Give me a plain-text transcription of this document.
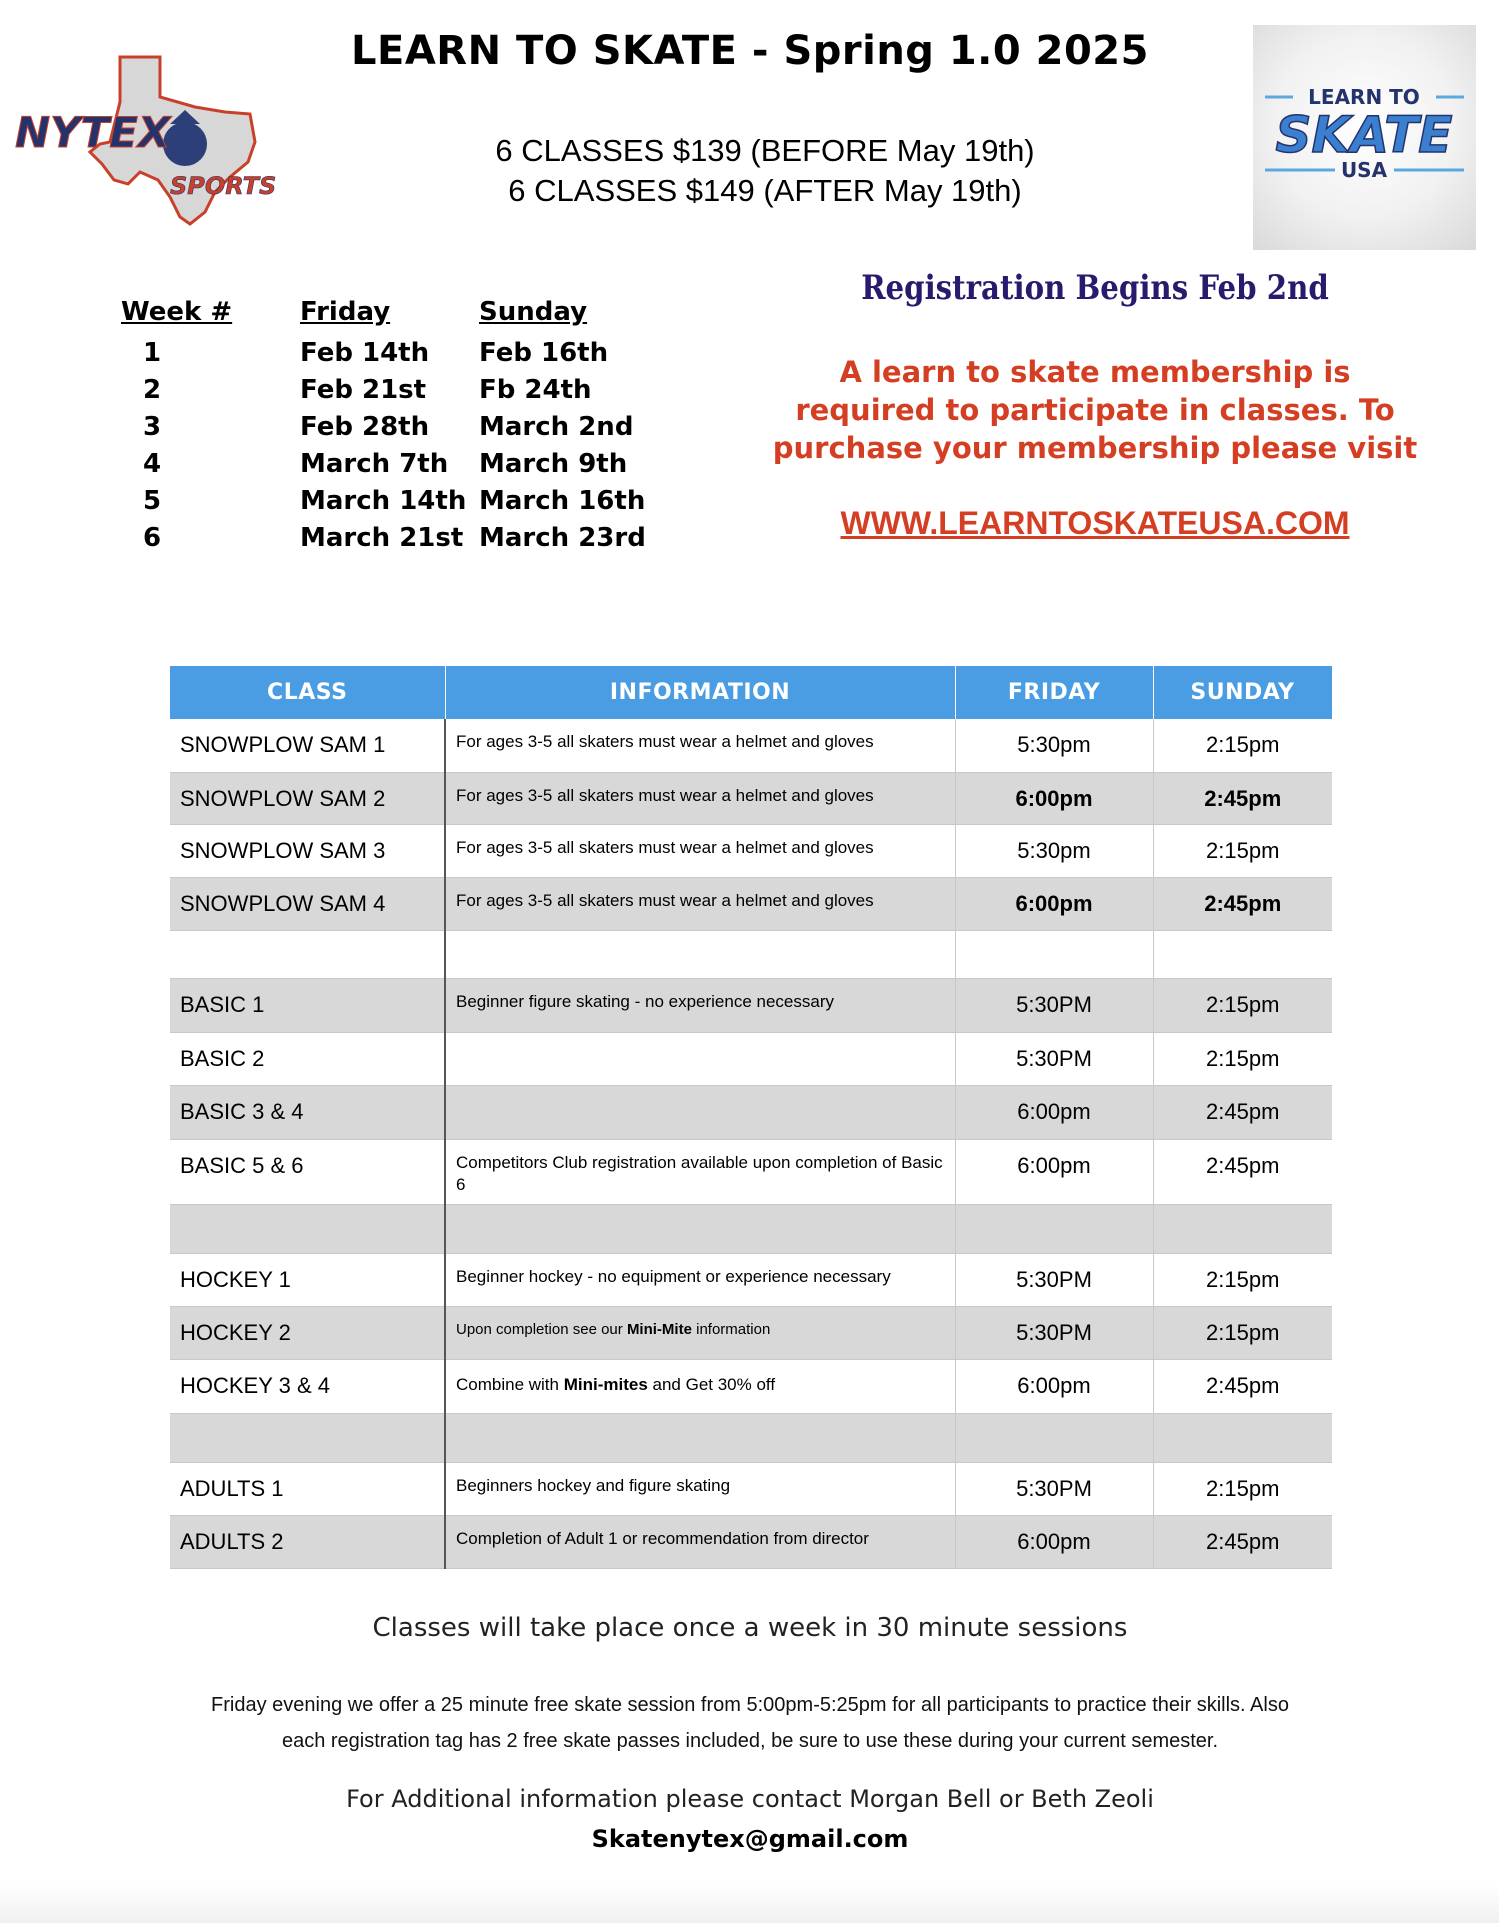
LEARN TO SKATE - Spring 1.0 2025
6 CLASSES $139 (BEFORE May 19th)
6 CLASSES $149 (AFTER May 19th)
NYTEX
SPORTS
LEARN TO
SKATE
USA
Week #	Friday	Sunday
1	Feb 14th Feb 16th
2	Feb 21st Fb 24th
3	Feb 28th March 2nd
4	March 7th March 9th
5	March 14th March 16th
6	March 21st March 23rd
Registration Begins Feb 2nd
A learn to skate membership is
required to participate in classes. To
purchase your membership please visit
WWW.LEARNTOSKATEUSA.COM
CLASS	INFORMATION	FRIDAY	SUNDAY
SNOWPLOW SAM 1	For ages 3-5 all skaters must wear a helmet and gloves	5:30pm	2:15pm
SNOWPLOW SAM 2	For ages 3-5 all skaters must wear a helmet and gloves	6:00pm	2:45pm
SNOWPLOW SAM 3	For ages 3-5 all skaters must wear a helmet and gloves	5:30pm	2:15pm
SNOWPLOW SAM 4	For ages 3-5 all skaters must wear a helmet and gloves	6:00pm	2:45pm

BASIC 1	Beginner figure skating - no experience necessary	5:30PM	2:15pm
BASIC 2		5:30PM	2:15pm
BASIC 3 & 4		6:00pm	2:45pm
BASIC 5 & 6	Competitors Club registration available upon completion of Basic 6	6:00pm	2:45pm

HOCKEY 1	Beginner hockey - no equipment or experience necessary	5:30PM	2:15pm
HOCKEY 2	Upon completion see our Mini-Mite information	5:30PM	2:15pm
HOCKEY 3 & 4	Combine with Mini-mites and Get 30% off	6:00pm	2:45pm

ADULTS 1	Beginners hockey and figure skating	5:30PM	2:15pm
ADULTS 2	Completion of Adult 1 or recommendation from director	6:00pm	2:45pm
Classes will take place once a week in 30 minute sessions
Friday evening we offer a 25 minute free skate session from 5:00pm-5:25pm for all participants to practice their skills. Also
each registration tag has 2 free skate passes included, be sure to use these during your current semester.
For Additional information please contact Morgan Bell or Beth Zeoli
Skatenytex@gmail.com
